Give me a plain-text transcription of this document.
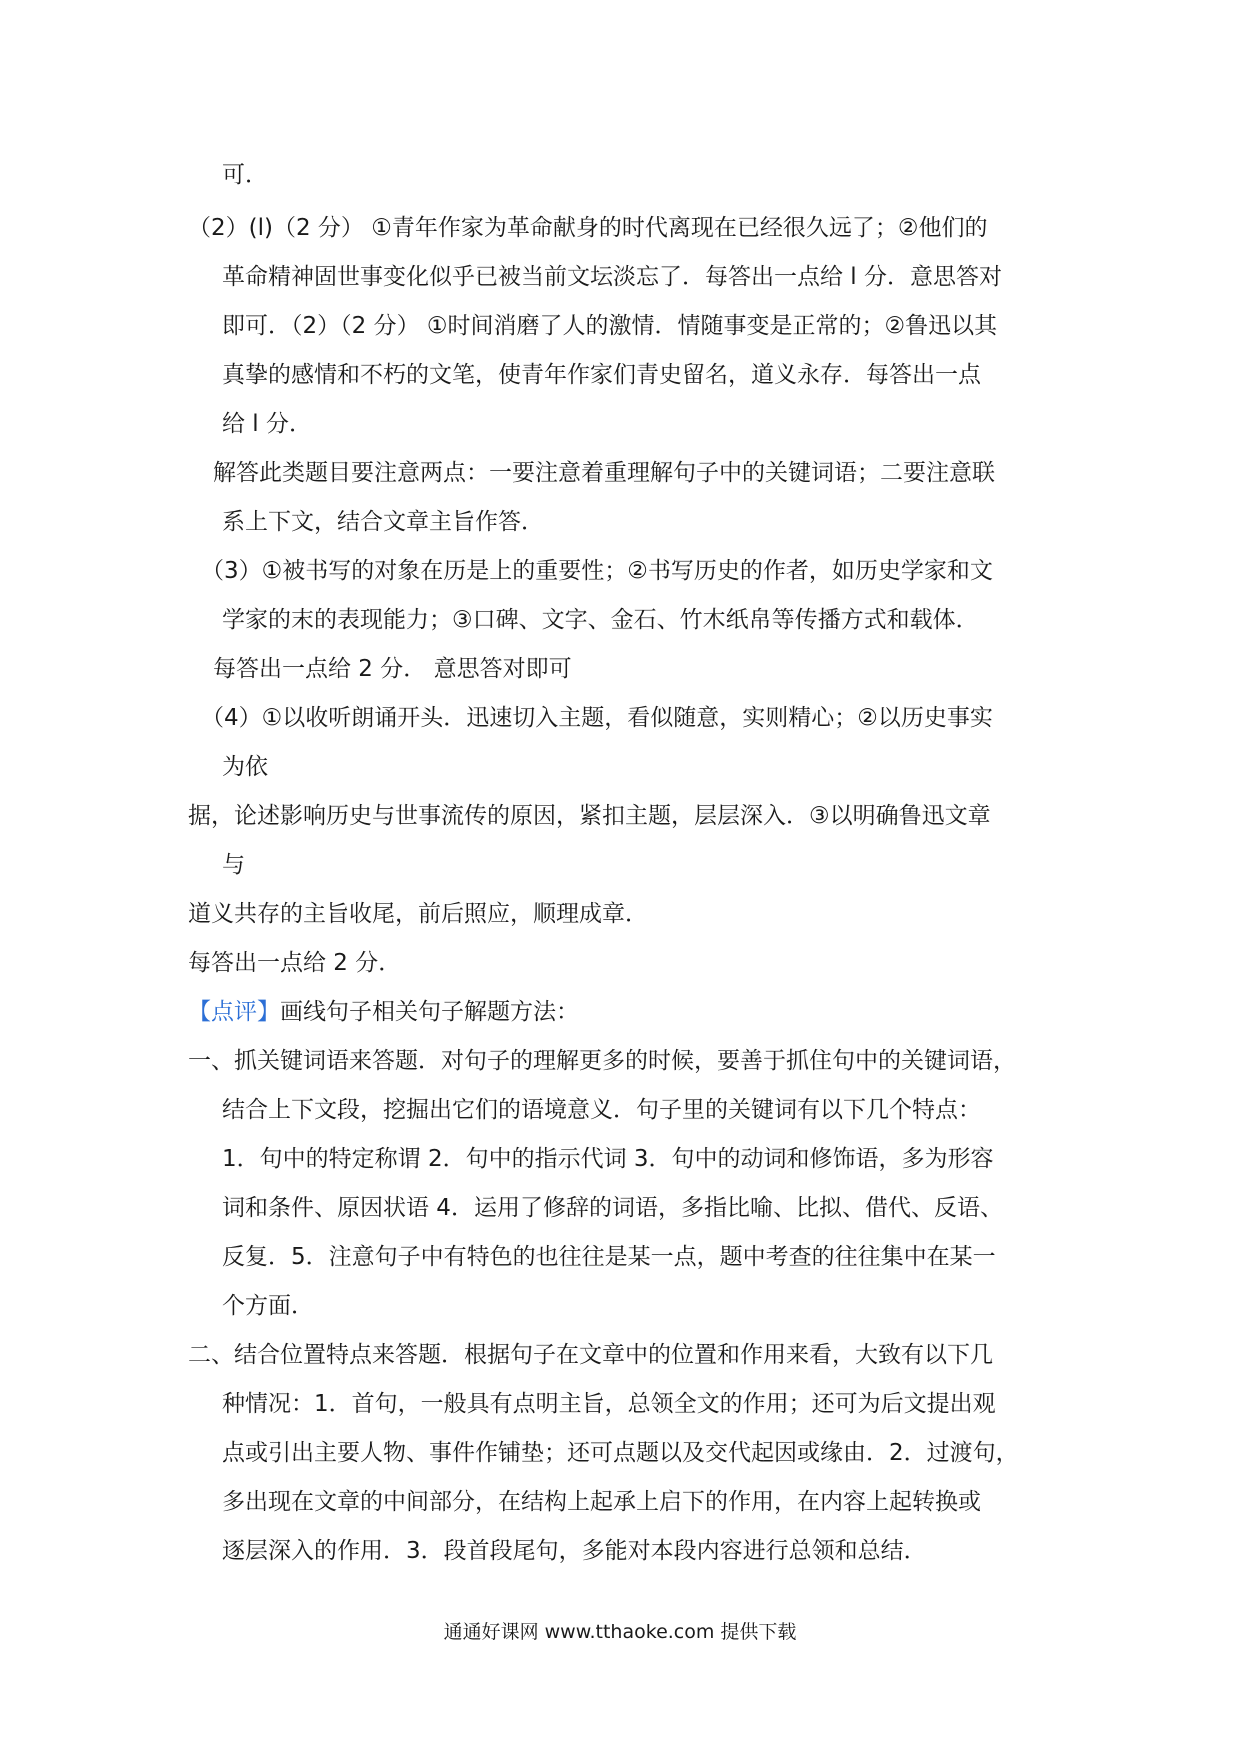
可．
（2）(l)（2 分） ①青年作家为革命献身的时代离现在已经很久远了；②他们的
革命精神固世事变化似乎已被当前文坛淡忘了．每答出一点给 l 分．意思答对
即可．（2）（2 分） ①时间消磨了人的激情．情随事变是正常的；②鲁迅以其
真挚的感情和不朽的文笔，使青年作家们青史留名，道义永存．每答出一点
给 l 分．
解答此类题目要注意两点：一要注意着重理解句子中的关键词语；二要注意联
系上下文，结合文章主旨作答．
（3）①被书写的对象在历是上的重要性；②书写历史的作者，如历史学家和文
学家的末的表现能力；③口碑、文字、金石、竹木纸帛等传播方式和载体．
每答出一点给 2 分． 意思答对即可
（4）①以收听朗诵开头．迅速切入主题，看似随意，实则精心；②以历史事实
为依
据，论述影响历史与世事流传的原因，紧扣主题，层层深入．③以明确鲁迅文章
与
道义共存的主旨收尾，前后照应，顺理成章．
每答出一点给 2 分．
【点评】画线句子相关句子解题方法：
一、抓关键词语来答题．对句子的理解更多的时候，要善于抓住句中的关键词语，
结合上下文段，挖掘出它们的语境意义．句子里的关键词有以下几个特点：
1．句中的特定称谓 2．句中的指示代词 3．句中的动词和修饰语，多为形容
词和条件、原因状语 4．运用了修辞的词语，多指比喻、比拟、借代、反语、
反复．5．注意句子中有特色的也往往是某一点，题中考查的往往集中在某一
个方面．
二、结合位置特点来答题．根据句子在文章中的位置和作用来看，大致有以下几
种情况：1．首句，一般具有点明主旨，总领全文的作用；还可为后文提出观
点或引出主要人物、事件作铺垫；还可点题以及交代起因或缘由．2．过渡句，
多出现在文章的中间部分，在结构上起承上启下的作用，在内容上起转换或
逐层深入的作用．3．段首段尾句，多能对本段内容进行总领和总结．
通通好课网 www.tthaoke.com 提供下载
